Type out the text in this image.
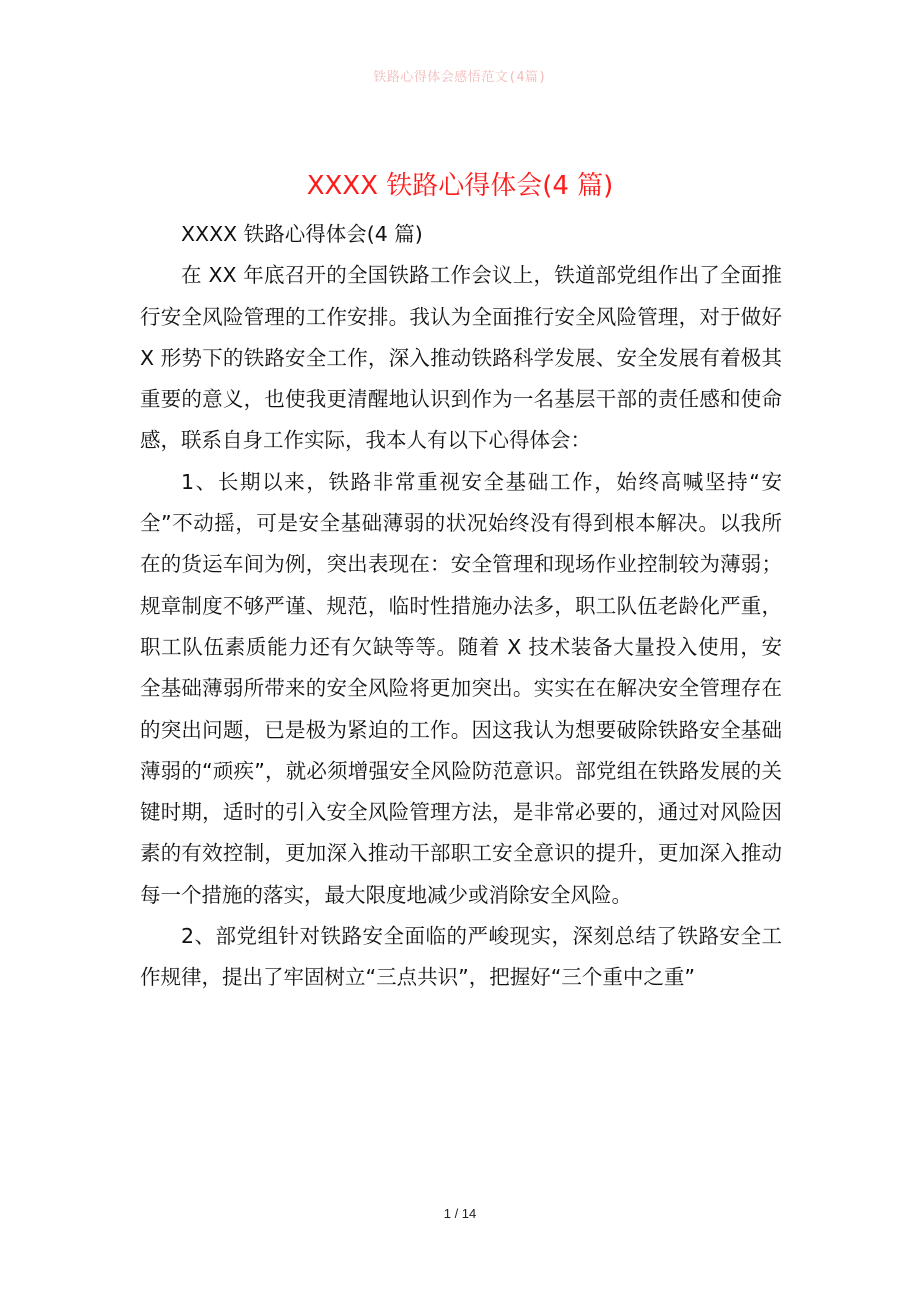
铁路心得体会感悟范文(4篇)
XXXX 铁路心得体会(4 篇)

XXXX 铁路心得体会(4 篇)

在 XX 年底召开的全国铁路工作会议上，铁道部党组作出了全面推行安全风险管理的工作安排。我认为全面推行安全风险管理，对于做好 X 形势下的铁路安全工作，深入推动铁路科学发展、安全发展有着极其重要的意义，也使我更清醒地认识到作为一名基层干部的责任感和使命感，联系自身工作实际，我本人有以下心得体会：

1、长期以来，铁路非常重视安全基础工作，始终高喊坚持“安全”不动摇，可是安全基础薄弱的状况始终没有得到根本解决。以我所在的货运车间为例，突出表现在：安全管理和现场作业控制较为薄弱；规章制度不够严谨、规范，临时性措施办法多，职工队伍老龄化严重，职工队伍素质能力还有欠缺等等。随着 X 技术装备大量投入使用，安全基础薄弱所带来的安全风险将更加突出。实实在在解决安全管理存在的突出问题，已是极为紧迫的工作。因这我认为想要破除铁路安全基础薄弱的“顽疾”，就必须增强安全风险防范意识。部党组在铁路发展的关键时期，适时的引入安全风险管理方法，是非常必要的，通过对风险因素的有效控制，更加深入推动干部职工安全意识的提升，更加深入推动每一个措施的落实，最大限度地减少或消除安全风险。

2、部党组针对铁路安全面临的严峻现实，深刻总结了铁路安全工作规律，提出了牢固树立“三点共识”，把握好“三个重中之重”

1 / 14
